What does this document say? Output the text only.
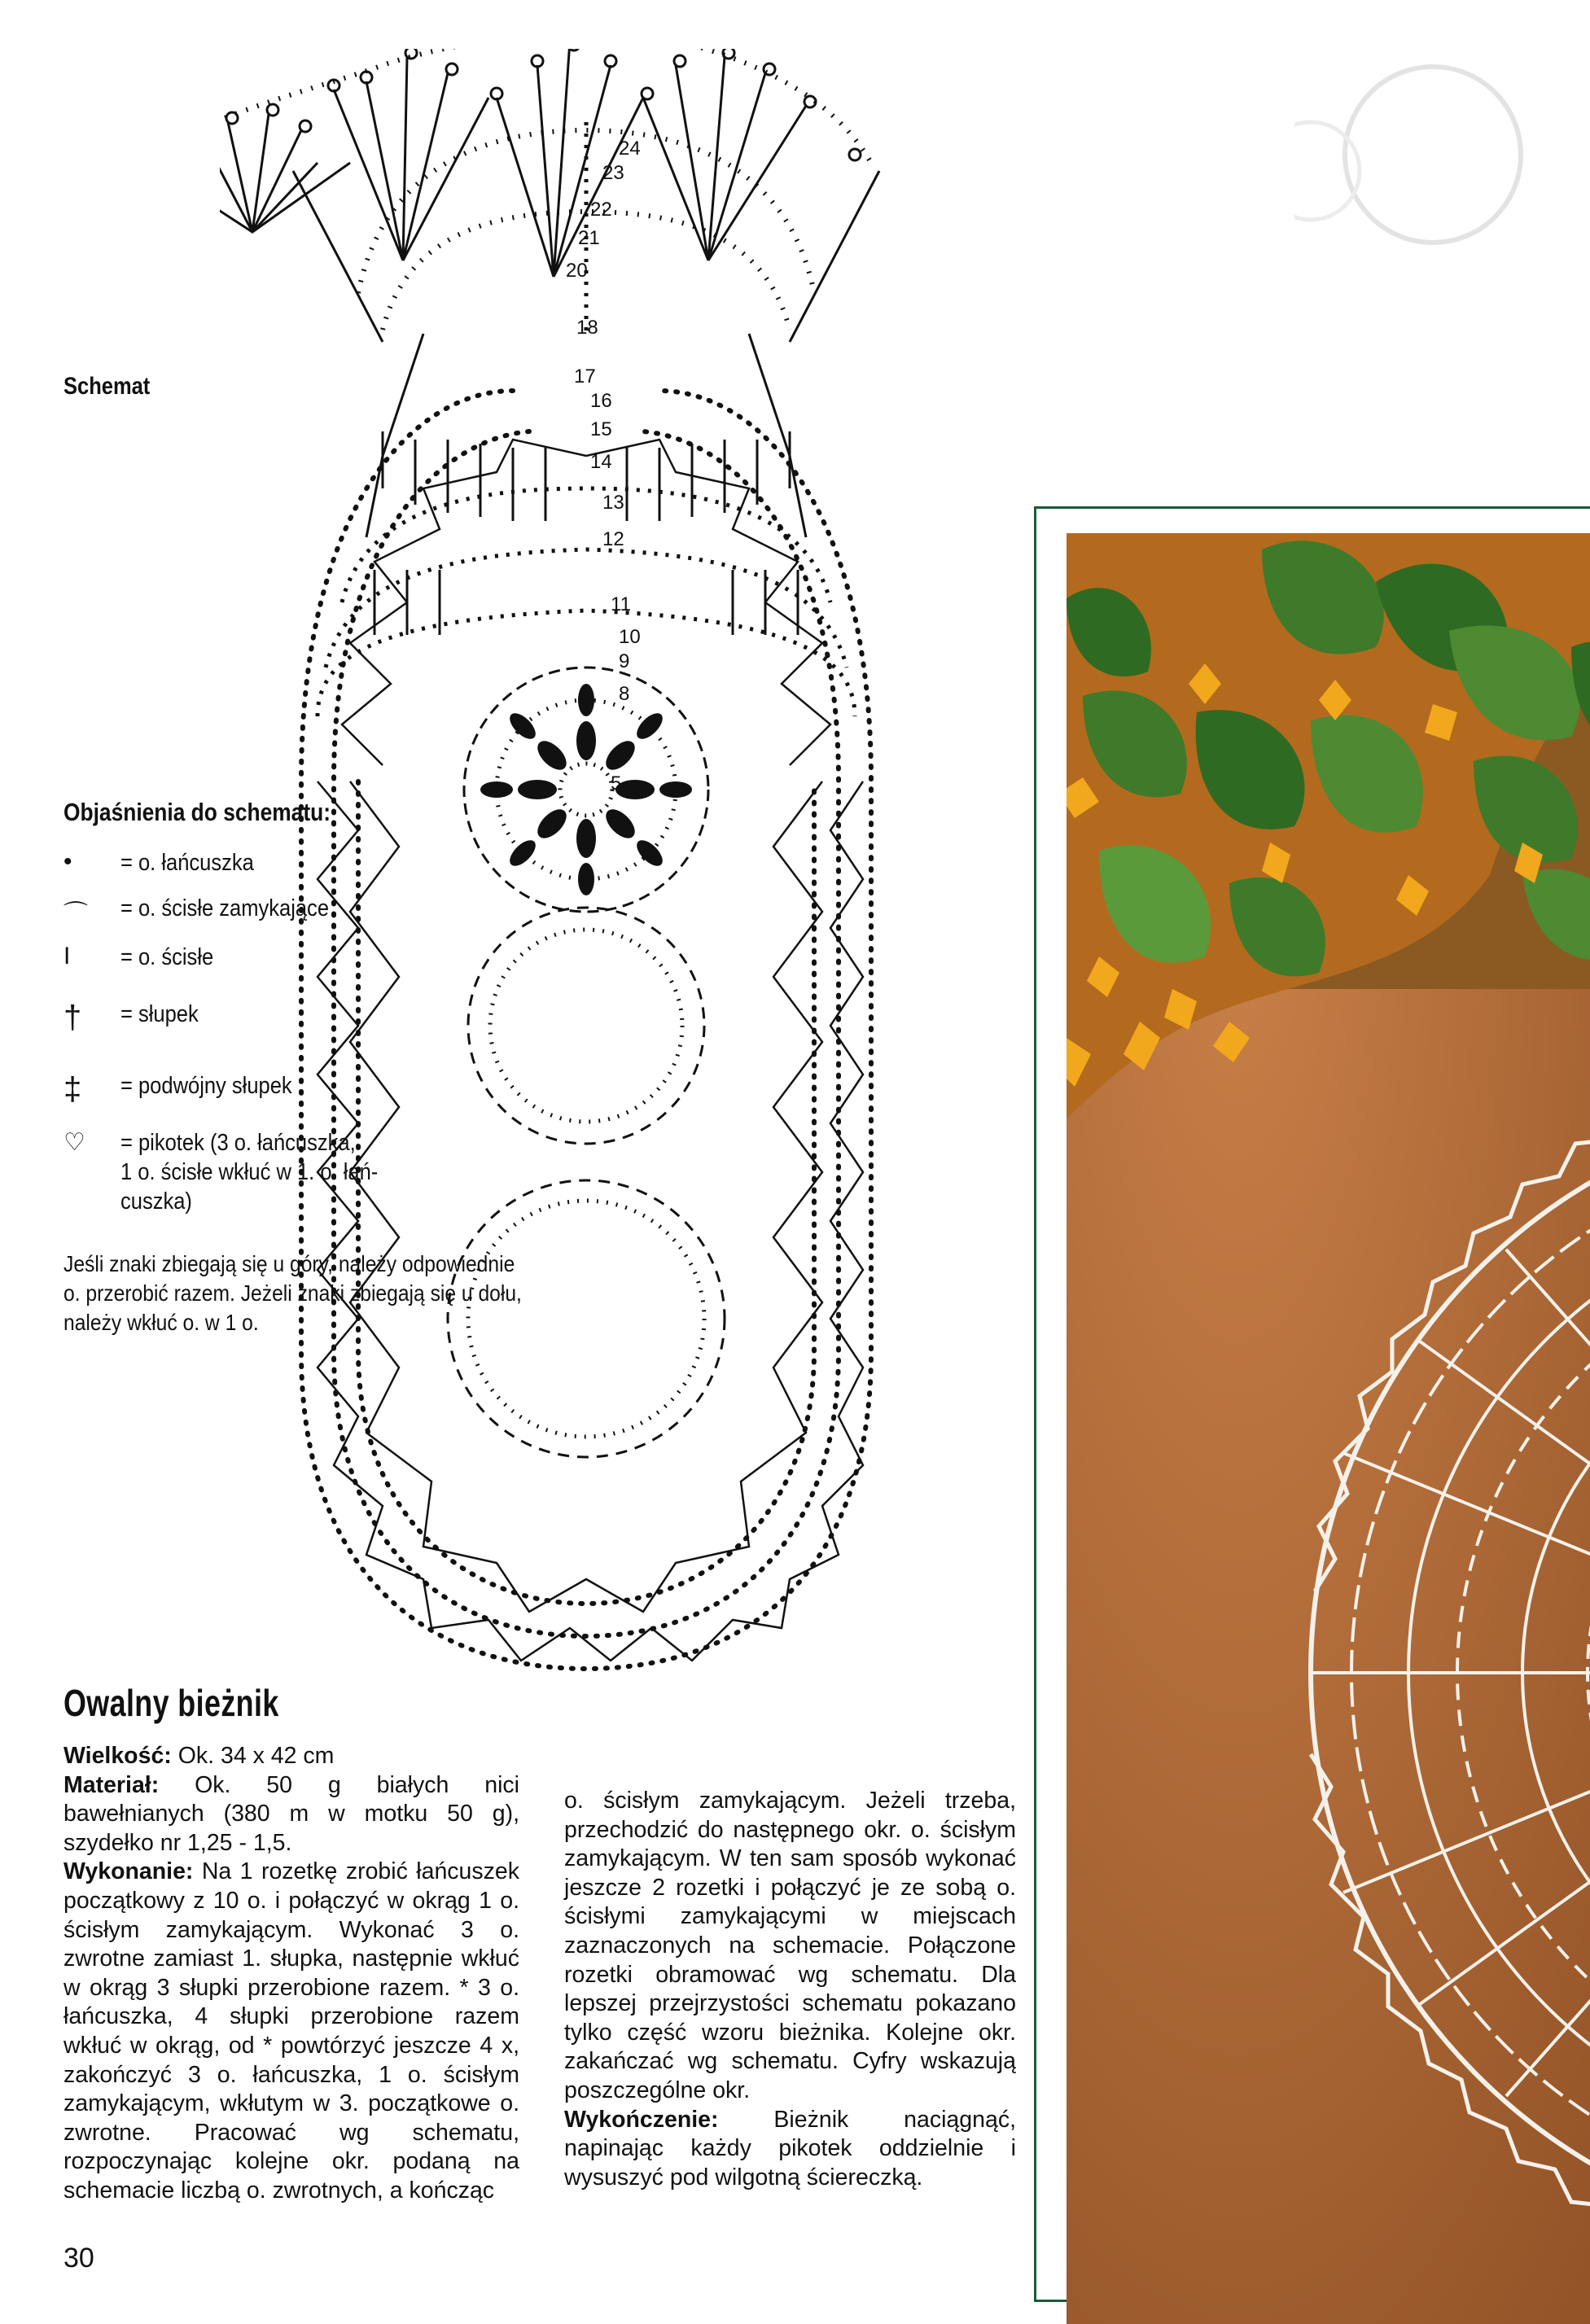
Schemat
24
23
22
21
20
18
17
16
15
14
13
12
11
10
9
8
6
5
Objaśnienia do schematu:
•	= o. łańcuszka
⌒	= o. ścisłe zamykające
I	= o. ścisłe
†	= słupek
‡	= podwójny słupek
♡	= pikotek (3 o. łańcuszka,
1 o. ścisłe wkłuć w 1. o. łań-
cuszka)
Jeśli znaki zbiegają się u góry, należy odpowiednie o. przerobić razem. Jeżeli znaki zbiegają się u dołu, należy wkłuć o. w 1 o.
Owalny bieżnik

Wielkość: Ok. 34 x 42 cm

Materiał: Ok. 50 g białych nici bawełnianych (380 m w motku 50 g), szydełko nr 1,25 - 1,5.

Wykonanie: Na 1 rozetkę zrobić łańcuszek początkowy z 10 o. i połączyć w okrąg 1 o. ścisłym zamykającym. Wykonać 3 o. zwrotne zamiast 1. słupka, następnie wkłuć w okrąg 3 słupki przerobione razem. * 3 o. łańcuszka, 4 słupki przerobione razem wkłuć w okrąg, od * powtórzyć jeszcze 4 x, zakończyć 3 o. łańcuszka, 1 o. ścisłym zamykającym, wkłutym w 3. początkowe o. zwrotne. Pracować wg schematu, rozpoczynając kolejne okr. podaną na schemacie liczbą o. zwrotnych, a kończąc

o. ścisłym zamykającym. Jeżeli trzeba, przechodzić do następnego okr. o. ścisłym zamykającym. W ten sam sposób wykonać jeszcze 2 rozetki i połączyć je ze sobą o. ścisłymi zamykającymi w miejscach zaznaczonych na schemacie. Połączone rozetki obramować wg schematu. Dla lepszej przejrzystości schematu pokazano tylko część wzoru bieżnika. Kolejne okr. zakańczać wg schematu. Cyfry wskazują poszczególne okr.

Wykończenie: Bieżnik naciągnąć, napinając każdy pikotek oddzielnie i wysuszyć pod wilgotną ściereczką.

30
